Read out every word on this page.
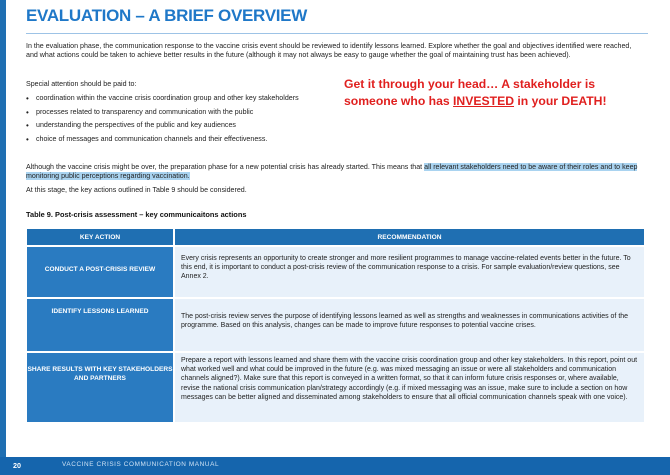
EVALUATION – A BRIEF OVERVIEW
In the evaluation phase, the communication response to the vaccine crisis event should be reviewed to identify lessons learned. Explore whether the goal and objectives identified were reached, and what actions could be taken to achieve better results in the future (although it may not always be easy to gauge whether the goal of maintaining trust has been achieved).
Special attention should be paid to:
• coordination within the vaccine crisis coordination group and other key stakeholders
• processes related to transparency and communication with the public
• understanding the perspectives of the public and key audiences
• choice of messages and communication channels and their effectiveness.
Get it through your head… A stakeholder is
someone who has INVESTED in your DEATH!
Although the vaccine crisis might be over, the preparation phase for a new potential crisis has already started. This means that all relevant stakeholders need to be aware of their roles and to keep monitoring public perceptions regarding vaccination.
At this stage, the key actions outlined in Table 9 should be considered.
Table 9. Post-crisis assessment – key communicaitons actions
KEY ACTION	RECOMMENDATION
CONDUCT A POST-CRISIS REVIEW	Every crisis represents an opportunity to create stronger and more resilient programmes to manage vaccine-related events better in the future. To this end, it is important to conduct a post-crisis review of the communication response to a crisis. For sample evaluation/review questions, see Annex 2.
IDENTIFY LESSONS LEARNED	The post-crisis review serves the purpose of identifying lessons learned as well as strengths and weaknesses in communications activities of the programme. Based on this analysis, changes can be made to improve future responses to potential vaccine crises.
SHARE RESULTS WITH KEY STAKEHOLDERS AND PARTNERS	Prepare a report with lessons learned and share them with the vaccine crisis coordination group and other key stakeholders. In this report, point out what worked well and what could be improved in the future (e.g. was mixed messaging an issue or were all stakeholders and communication channels aligned?). Make sure that this report is conveyed in a written format, so that it can inform future crisis responses or, where available, revise the national crisis communication plan/strategy accordingly (e.g. if mixed messaging was an issue, make sure to include a section on how messages can be better aligned and disseminated among stakeholders to ensure that all official communication channels speak with one voice).
20	VACCINE CRISIS COMMUNICATION MANUAL
